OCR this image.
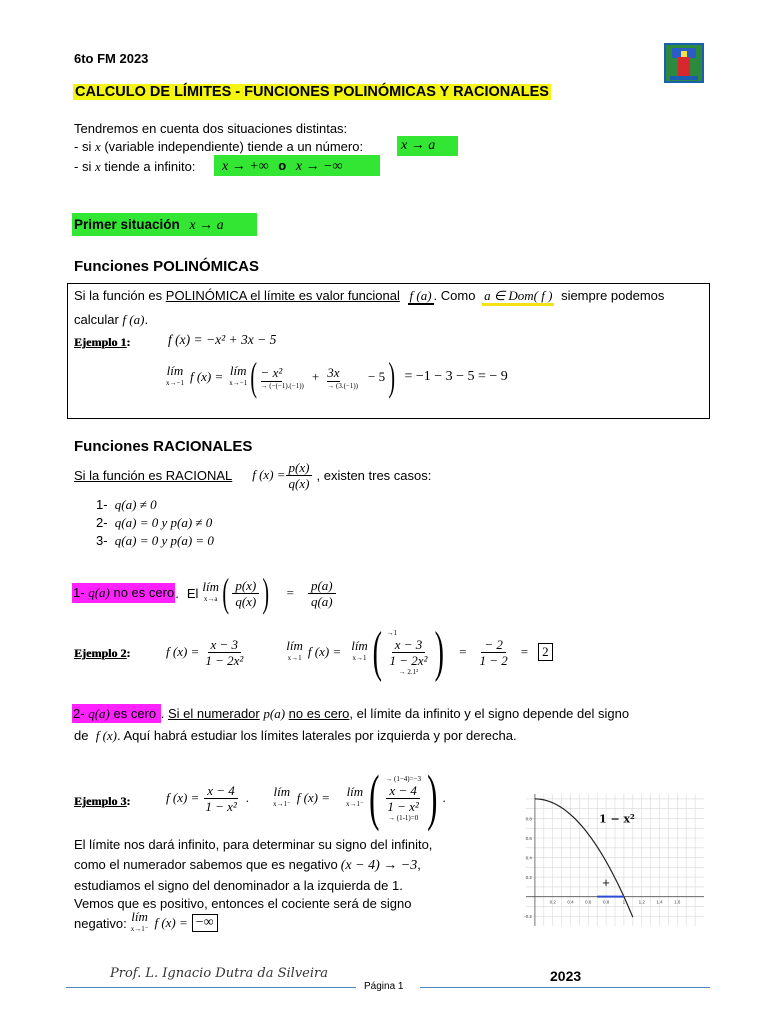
6to FM 2023
CALCULO DE LÍMITES - FUNCIONES POLINÓMICAS Y RACIONALES
Tendremos en cuenta dos situaciones distintas:
- si x (variable independiente) tiende a un número:	x → a
- si x tiende a infinito:	x → +∞ o x → −∞
Primer situación x → a
Funciones POLINÓMICAS
Si la función es POLINÓMICA el límite es valor funcional f (a) . Como a ∈ Dom( f ) siempre podemos
calcular f (a).
Ejemplo 1:	f (x) = −x² + 3x − 5
lím
x→−1 f (x) = lím
x→−1 ( − x²
→ (−(−1).(−1))
+ 3x
→ (3.(−1))
− 5 ) = −1 − 3 − 5 = − 9
Funciones RACIONALES
Si la función es RACIONAL f $(x) = \frac{p(x)}{q(x)}$ , existen tres casos:
1- q(a) ≠ 0
2- q(a) = 0 y p(a) ≠ 0
3- q(a) = 0 y p(a) = 0
1- q(a) no es cero . El lím
x→a ( $\frac{p(x)}{q(x)}$ ) = $\frac{p(a)}{q(a)}$
Ejemplo 2:	f $(x) = \frac{x - 3}{\text{1 − 2x²}}$	lím
x→1 f (x) = lím
x→1 ( →1
$\frac{x - 3}{\text{1 − 2x²}}$
→ 2.1² ) = $\frac{- 2}{1 - 2}$ =	2
2- q(a) es cero . Si el numerador p(a) no es cero, el límite da infinito y el signo depende del signo
de f (x). Aquí habrá estudiar los límites laterales por izquierda y por derecha.
Ejemplo 3:	f $(x) = \frac{x - 4}{\text{1 − x²}}$ . lím
x→1⁻ f (x) = lím
x→1⁻ ( → (1−4)=−3
$\frac{x - 4}{\text{1 − x²}}$
→ (1-1)=0 ) .
El límite nos dará infinito, para determinar su signo del infinito,
como el numerador sabemos que es negativo (x − 4) → −3,
estudiamos el signo del denominador a la izquierda de 1.
Vemos que es positivo, entonces el cociente será de signo
negativo: lím
x→1⁻ f (x) = −∞
0.2	0.4	0.6	0.8	1	1.2	1.4	1.6
0.8
0.6
0.4
0.2
-0.2
1 − x²
+
Prof. L. Ignacio Dutra da Silveira	2023
Página 1
